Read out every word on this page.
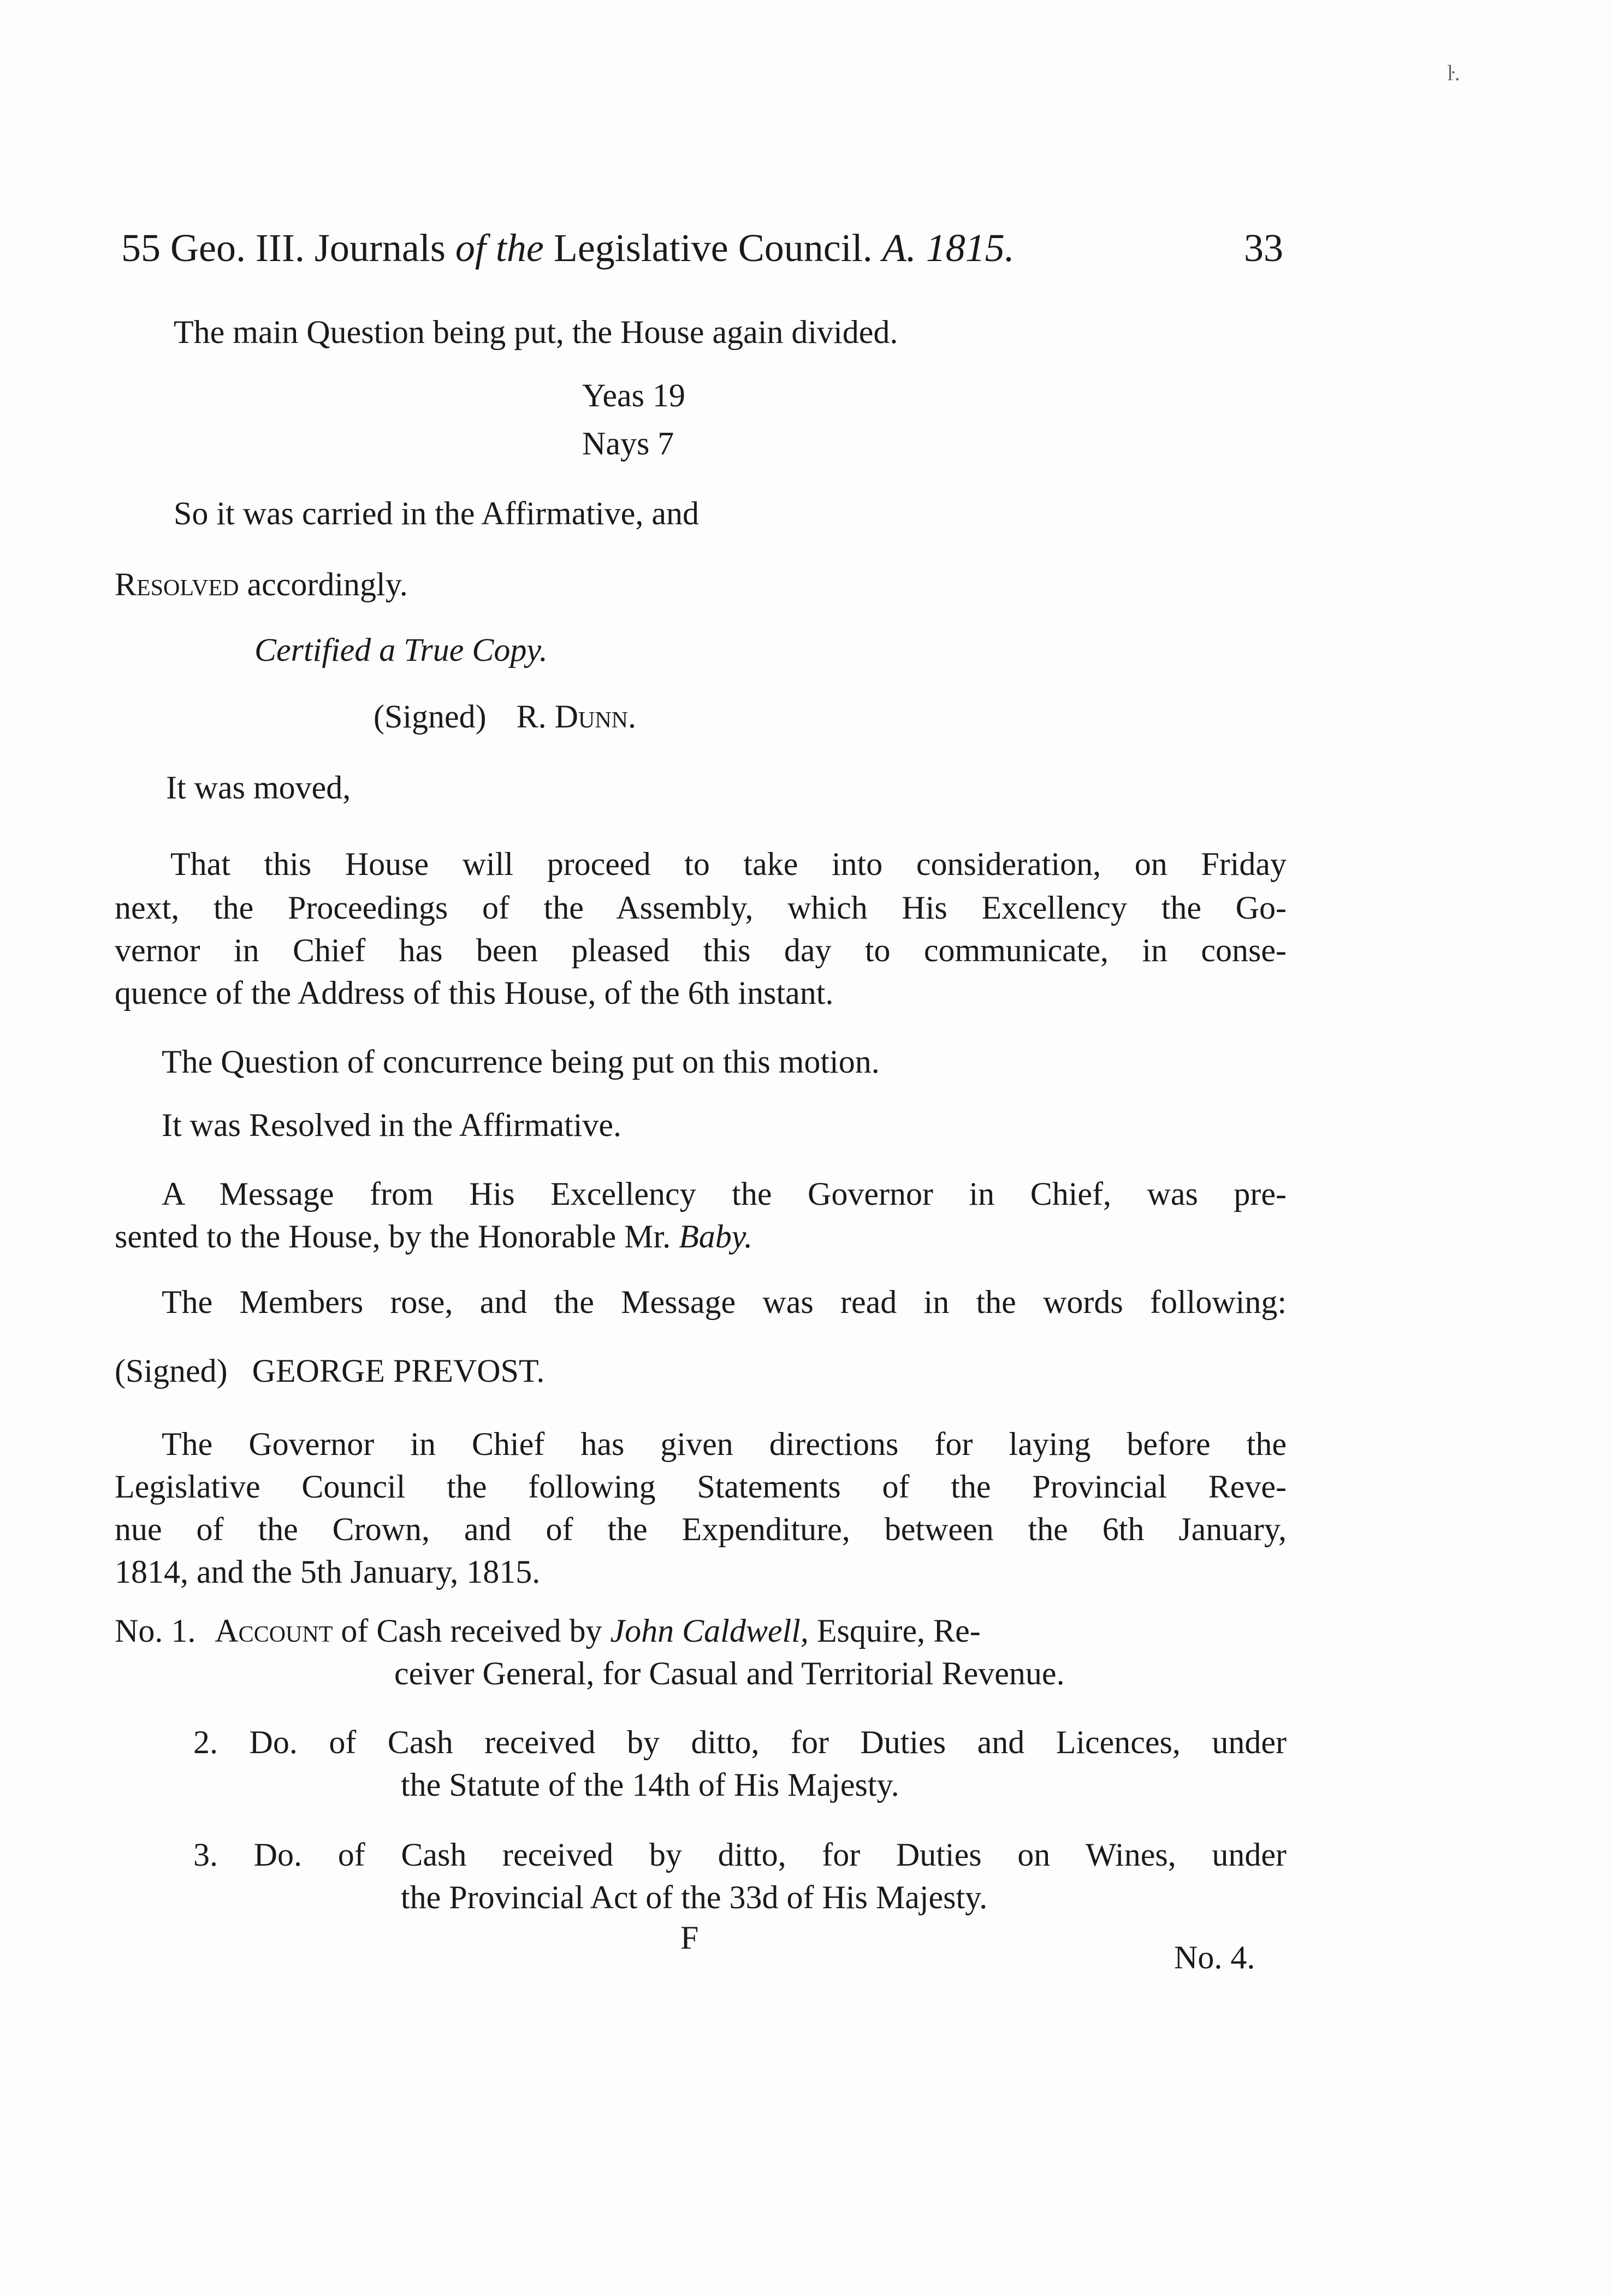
ŀ.
55 Geo. III. Journals of the Legislative Council. A. 1815.	33
The main Question being put, the House again divided.
Yeas 19
Nays 7
So it was carried in the Affirmative, and
Resolved accordingly.
Certified a True Copy.
(Signed) R. Dunn.
It was moved,
That this House will proceed to take into consideration, on Friday
next, the Proceedings of the Assembly, which His Excellency the Go-
vernor in Chief has been pleased this day to communicate, in conse-
quence of the Address of this House, of the 6th instant.
The Question of concurrence being put on this motion.
It was Resolved in the Affirmative.
A Message from His Excellency the Governor in Chief, was pre-
sented to the House, by the Honorable Mr. Baby.
The Members rose, and the Message was read in the words following:
(Signed)   GEORGE PREVOST.
The Governor in Chief has given directions for laying before the
Legislative Council the following Statements of the Provincial Reve-
nue of the Crown, and of the Expenditure, between the 6th January,
1814, and the 5th January, 1815.
No. 1. Account of Cash received by John Caldwell, Esquire, Re-
ceiver General, for Casual and Territorial Revenue.
2. Do. of Cash received by ditto, for Duties and Licences, under
the Statute of the 14th of His Majesty.
3. Do. of Cash received by ditto, for Duties on Wines, under
the Provincial Act of the 33d of His Majesty.
F
No. 4.
